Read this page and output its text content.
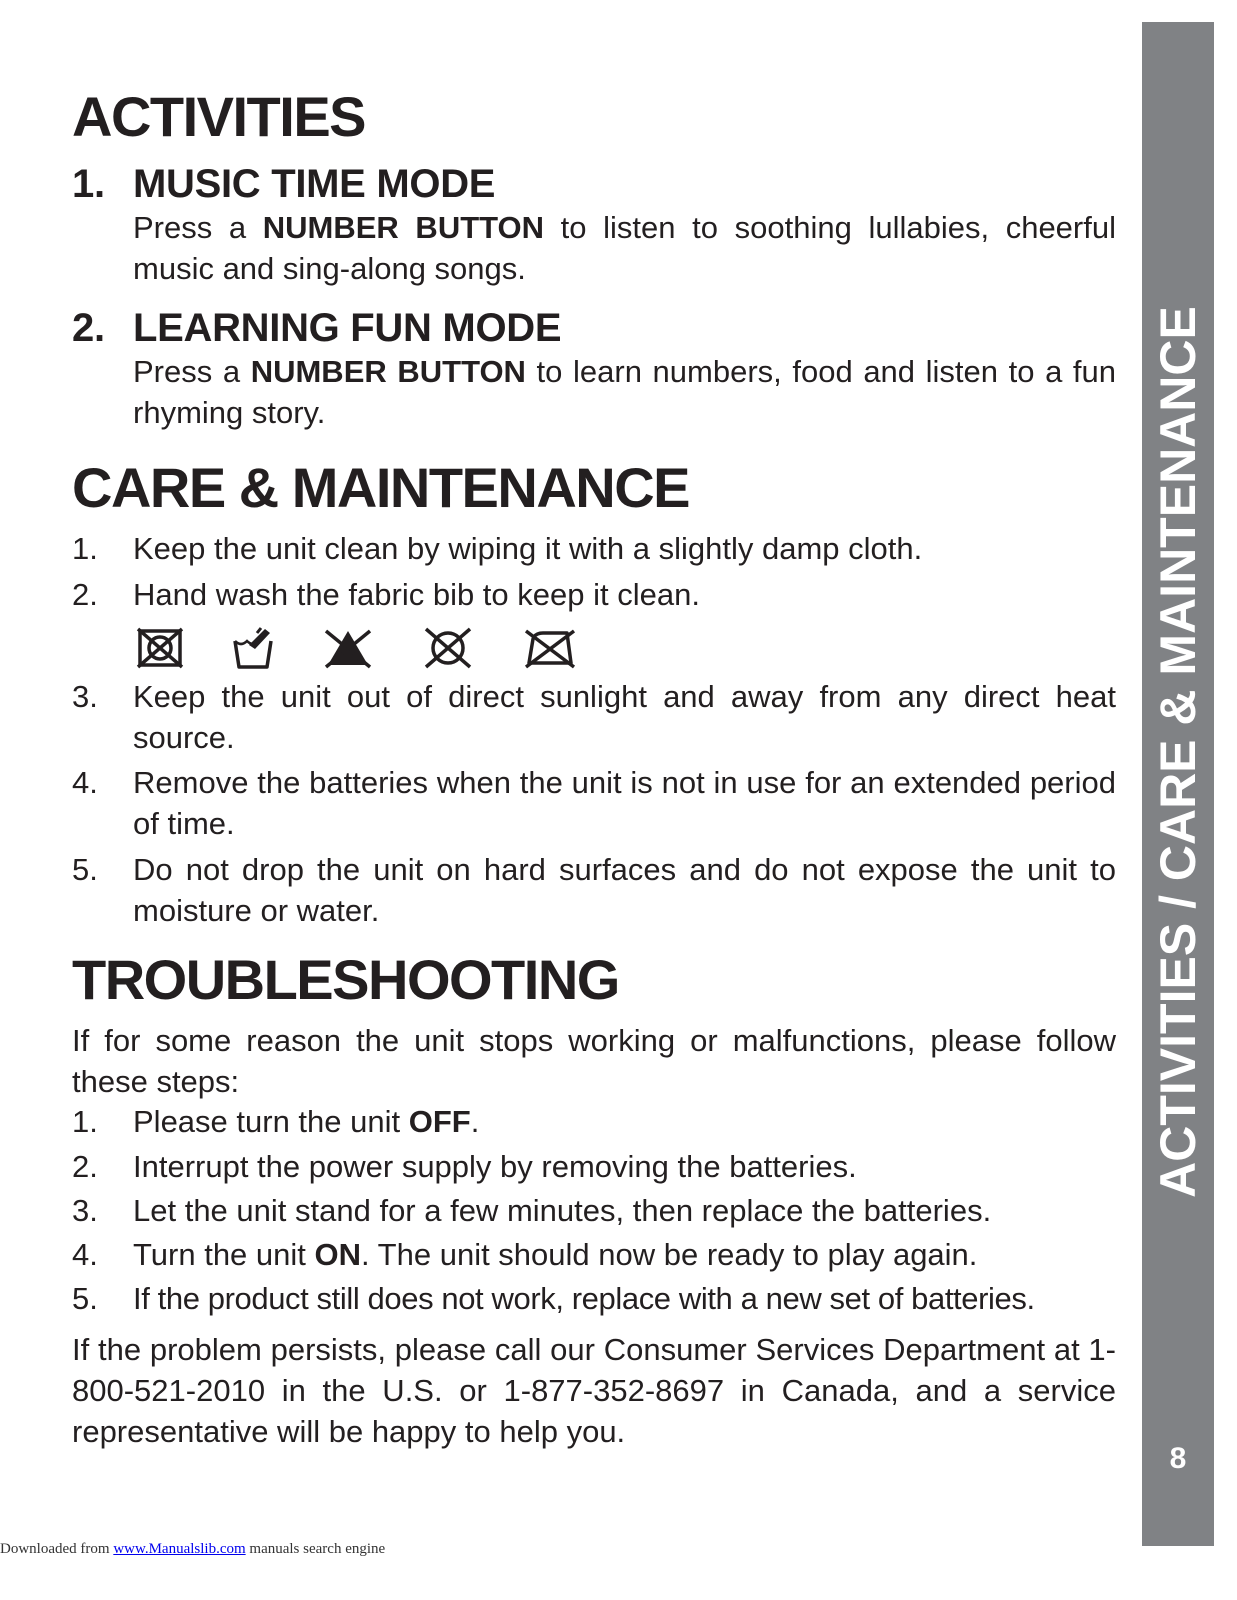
ACTIVITIES
1. MUSIC TIME MODE

Press a NUMBER BUTTON to listen to soothing lullabies, cheerful music and sing-along songs.

2. LEARNING FUN MODE

Press a NUMBER BUTTON to learn numbers, food and listen to a fun rhyming story.

CARE & MAINTENANCE
1.	Keep the unit clean by wiping it with a slightly damp cloth.

2.	Hand wash the fabric bib to keep it clean.

3.	Keep the unit out of direct sunlight and away from any direct heat source.

4.	Remove the batteries when the unit is not in use for an extended period of time.

5.	Do not drop the unit on hard surfaces and do not expose the unit to moisture or water.

TROUBLESHOOTING

If for some reason the unit stops working or malfunctions, please follow these steps:

1.	Please turn the unit OFF.

2.	Interrupt the power supply by removing the batteries.

3.	Let the unit stand for a few minutes, then replace the batteries.

4.	Turn the unit ON. The unit should now be ready to play again.

5.	If the product still does not work, replace with a new set of batteries.

If the problem persists, please call our Consumer Services Department at 1-800-521-2010 in the U.S. or 1-877-352-8697 in Canada, and a service representative will be happy to help you.

ACTIVITIES / CARE & MAINTENANCE
8
Downloaded from www.Manualslib.com manuals search engine
